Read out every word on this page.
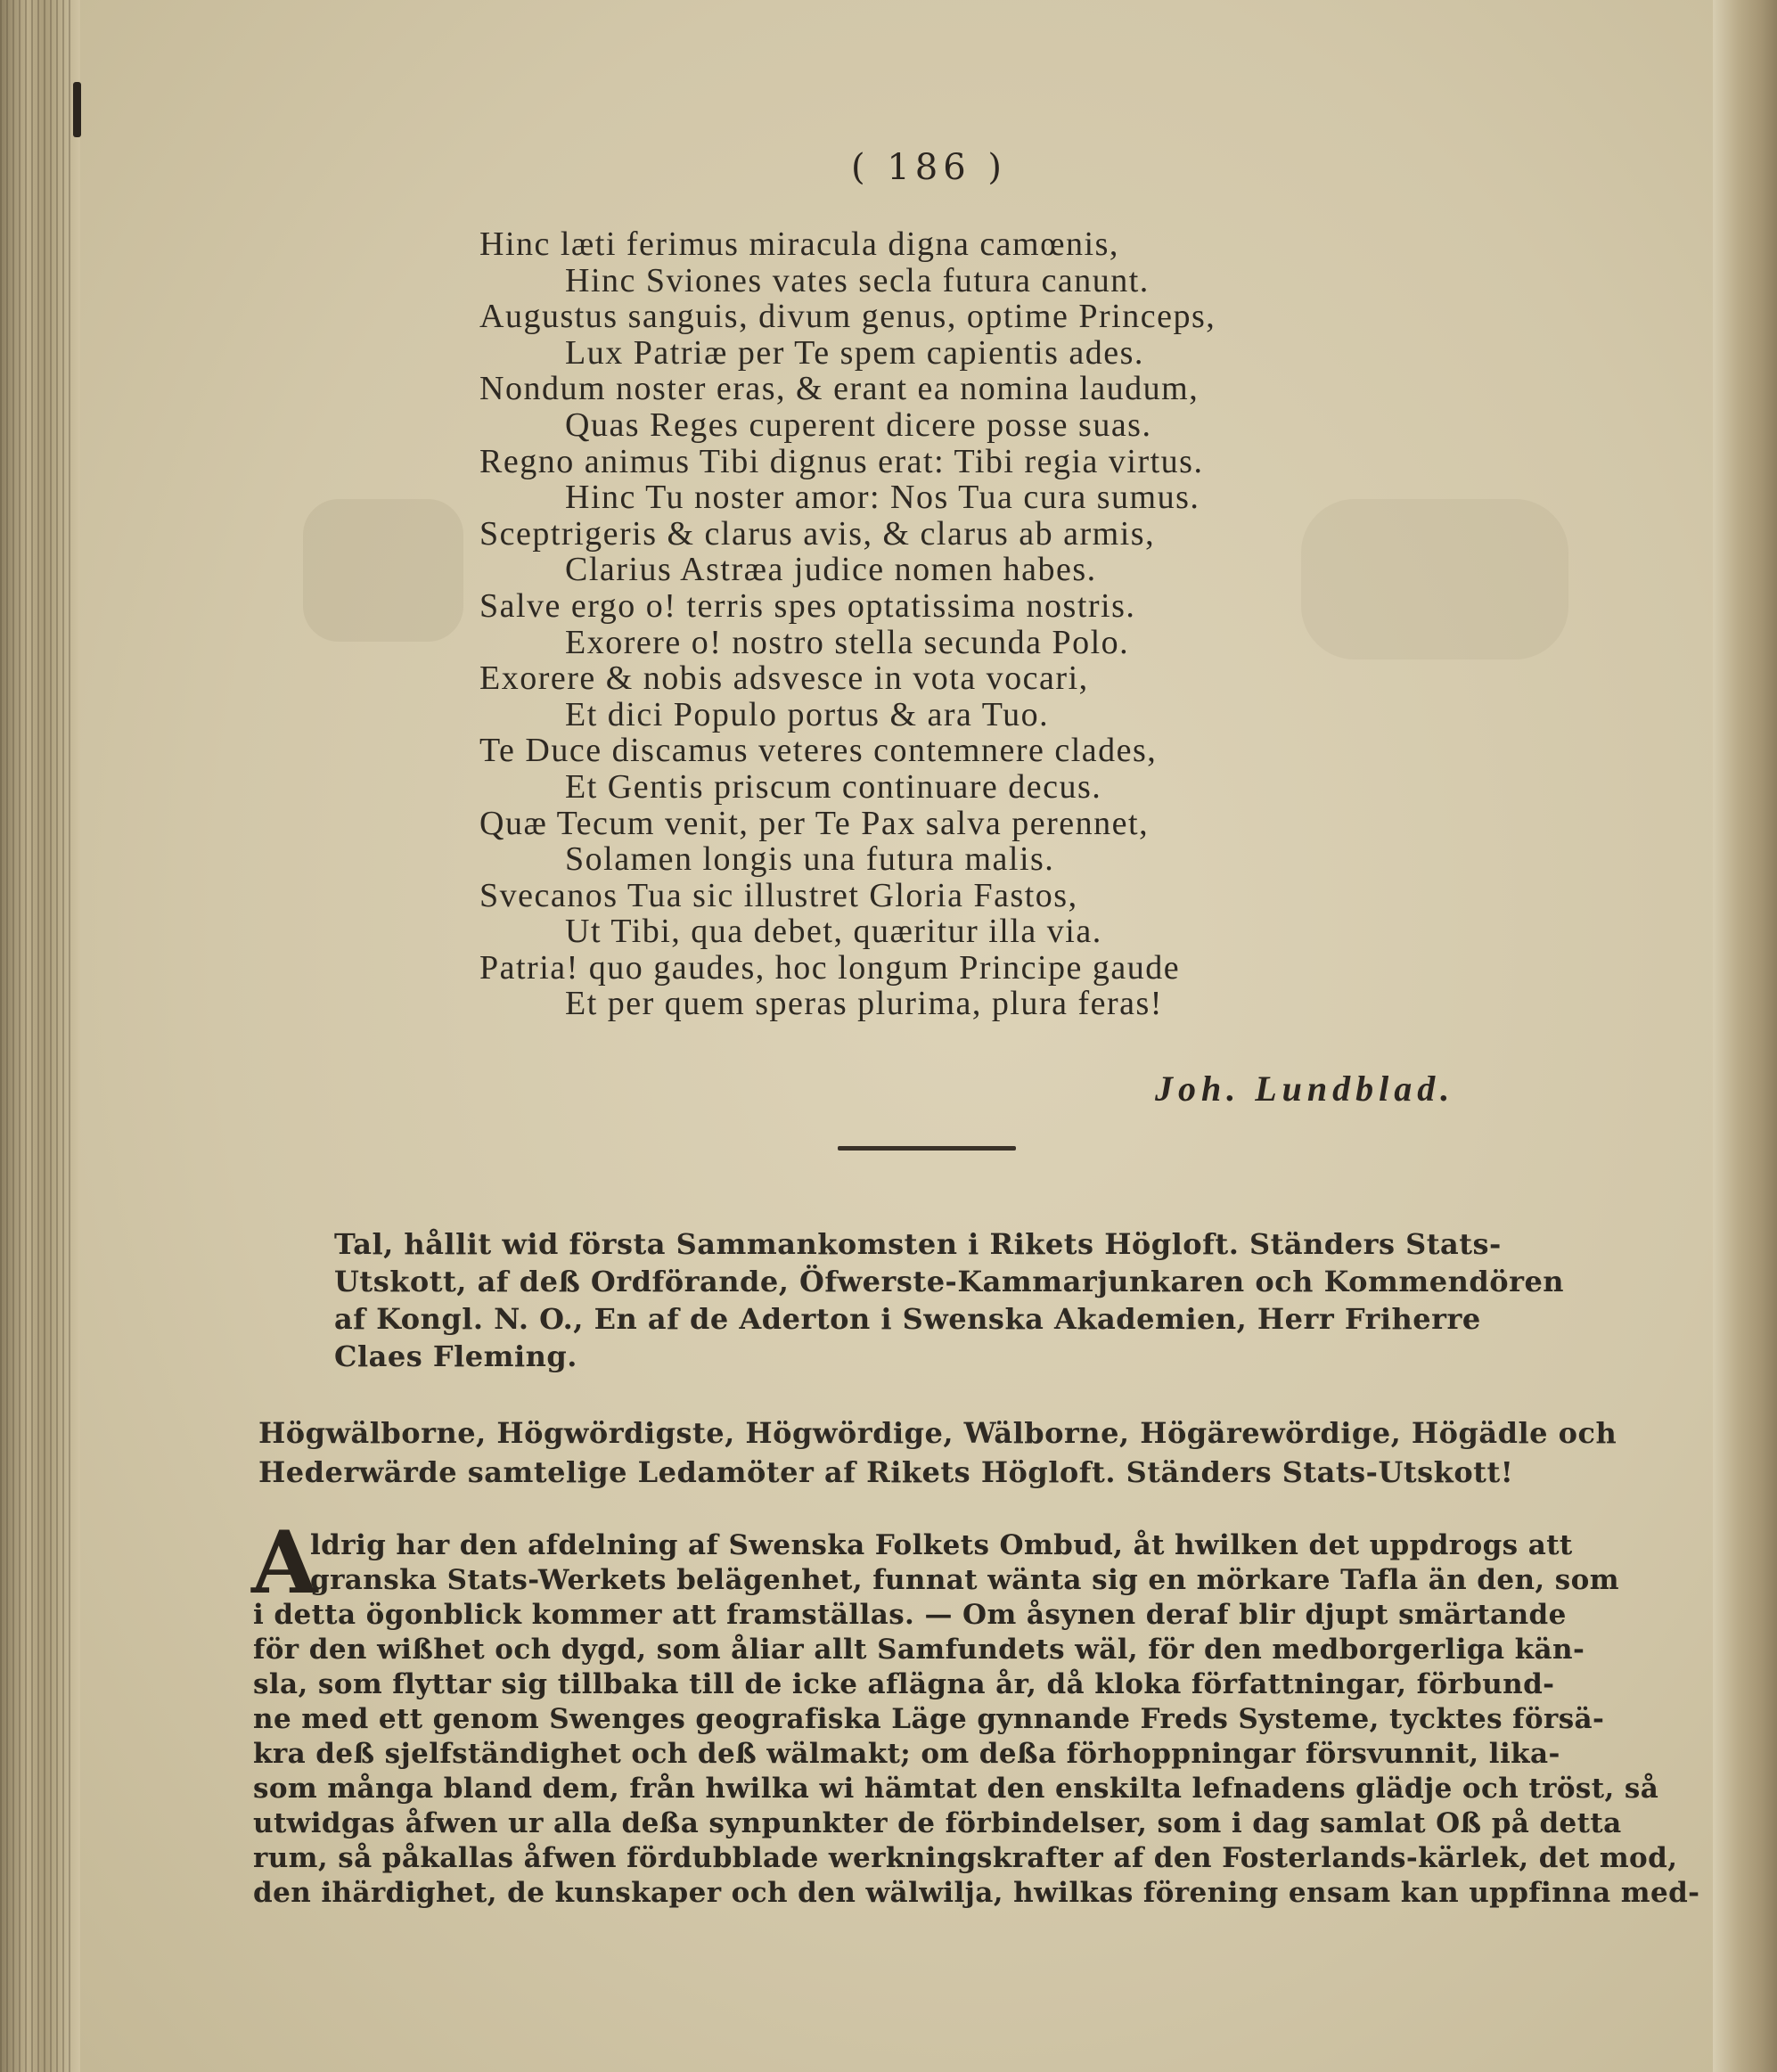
( 186 )
Hinc læti ferimus miracula digna camœnis,
Hinc Sviones vates secla futura canunt.
Augustus sanguis, divum genus, optime Princeps,
Lux Patriæ per Te spem capientis ades.
Nondum noster eras, & erant ea nomina laudum,
Quas Reges cuperent dicere posse suas.
Regno animus Tibi dignus erat: Tibi regia virtus.
Hinc Tu noster amor: Nos Tua cura sumus.
Sceptrigeris & clarus avis, & clarus ab armis,
Clarius Astræa judice nomen habes.
Salve ergo o! terris spes optatissima nostris.
Exorere o! nostro stella secunda Polo.
Exorere & nobis adsvesce in vota vocari,
Et dici Populo portus & ara Tuo.
Te Duce discamus veteres contemnere clades,
Et Gentis priscum continuare decus.
Quæ Tecum venit, per Te Pax salva perennet,
Solamen longis una futura malis.
Svecanos Tua sic illustret Gloria Fastos,
Ut Tibi, qua debet, quæritur illa via.
Patria! quo gaudes, hoc longum Principe gaude
Et per quem speras plurima, plura feras!
Joh. Lundblad.
Tal, hållit wid första Sammankomsten i Rikets Högloft. Ständers Stats-
Utskott, af deß Ordförande, Öfwerste-Kammarjunkaren och Kommendören
af Kongl. N. O., En af de Aderton i Swenska Akademien, Herr Friherre
Claes Fleming.
Högwälborne, Högwördigste, Högwördige, Wälborne, Högärewördige, Högädle och
Hederwärde samtelige Ledamöter af Rikets Högloft. Ständers Stats-Utskott!
A
ldrig har den afdelning af Swenska Folkets Ombud, åt hwilken det uppdrogs att
granska Stats-Werkets belägenhet, funnat wänta sig en mörkare Tafla än den, som
i detta ögonblick kommer att framställas. — Om åsynen deraf blir djupt smärtande
för den wißhet och dygd, som åliar allt Samfundets wäl, för den medborgerliga kän-
sla, som flyttar sig tillbaka till de icke aflägna år, då kloka författningar, förbund-
ne med ett genom Swenges geografiska Läge gynnande Freds Systeme, tycktes försä-
kra deß sjelfständighet och deß wälmakt; om deßa förhoppningar försvunnit, lika-
som många bland dem, från hwilka wi hämtat den enskilta lefnadens glädje och tröst, så
utwidgas åfwen ur alla deßa synpunkter de förbindelser, som i dag samlat Oß på detta
rum, så påkallas åfwen fördubblade werkningskrafter af den Fosterlands-kärlek, det mod,
den ihärdighet, de kunskaper och den wälwilja, hwilkas förening ensam kan uppfinna med-
